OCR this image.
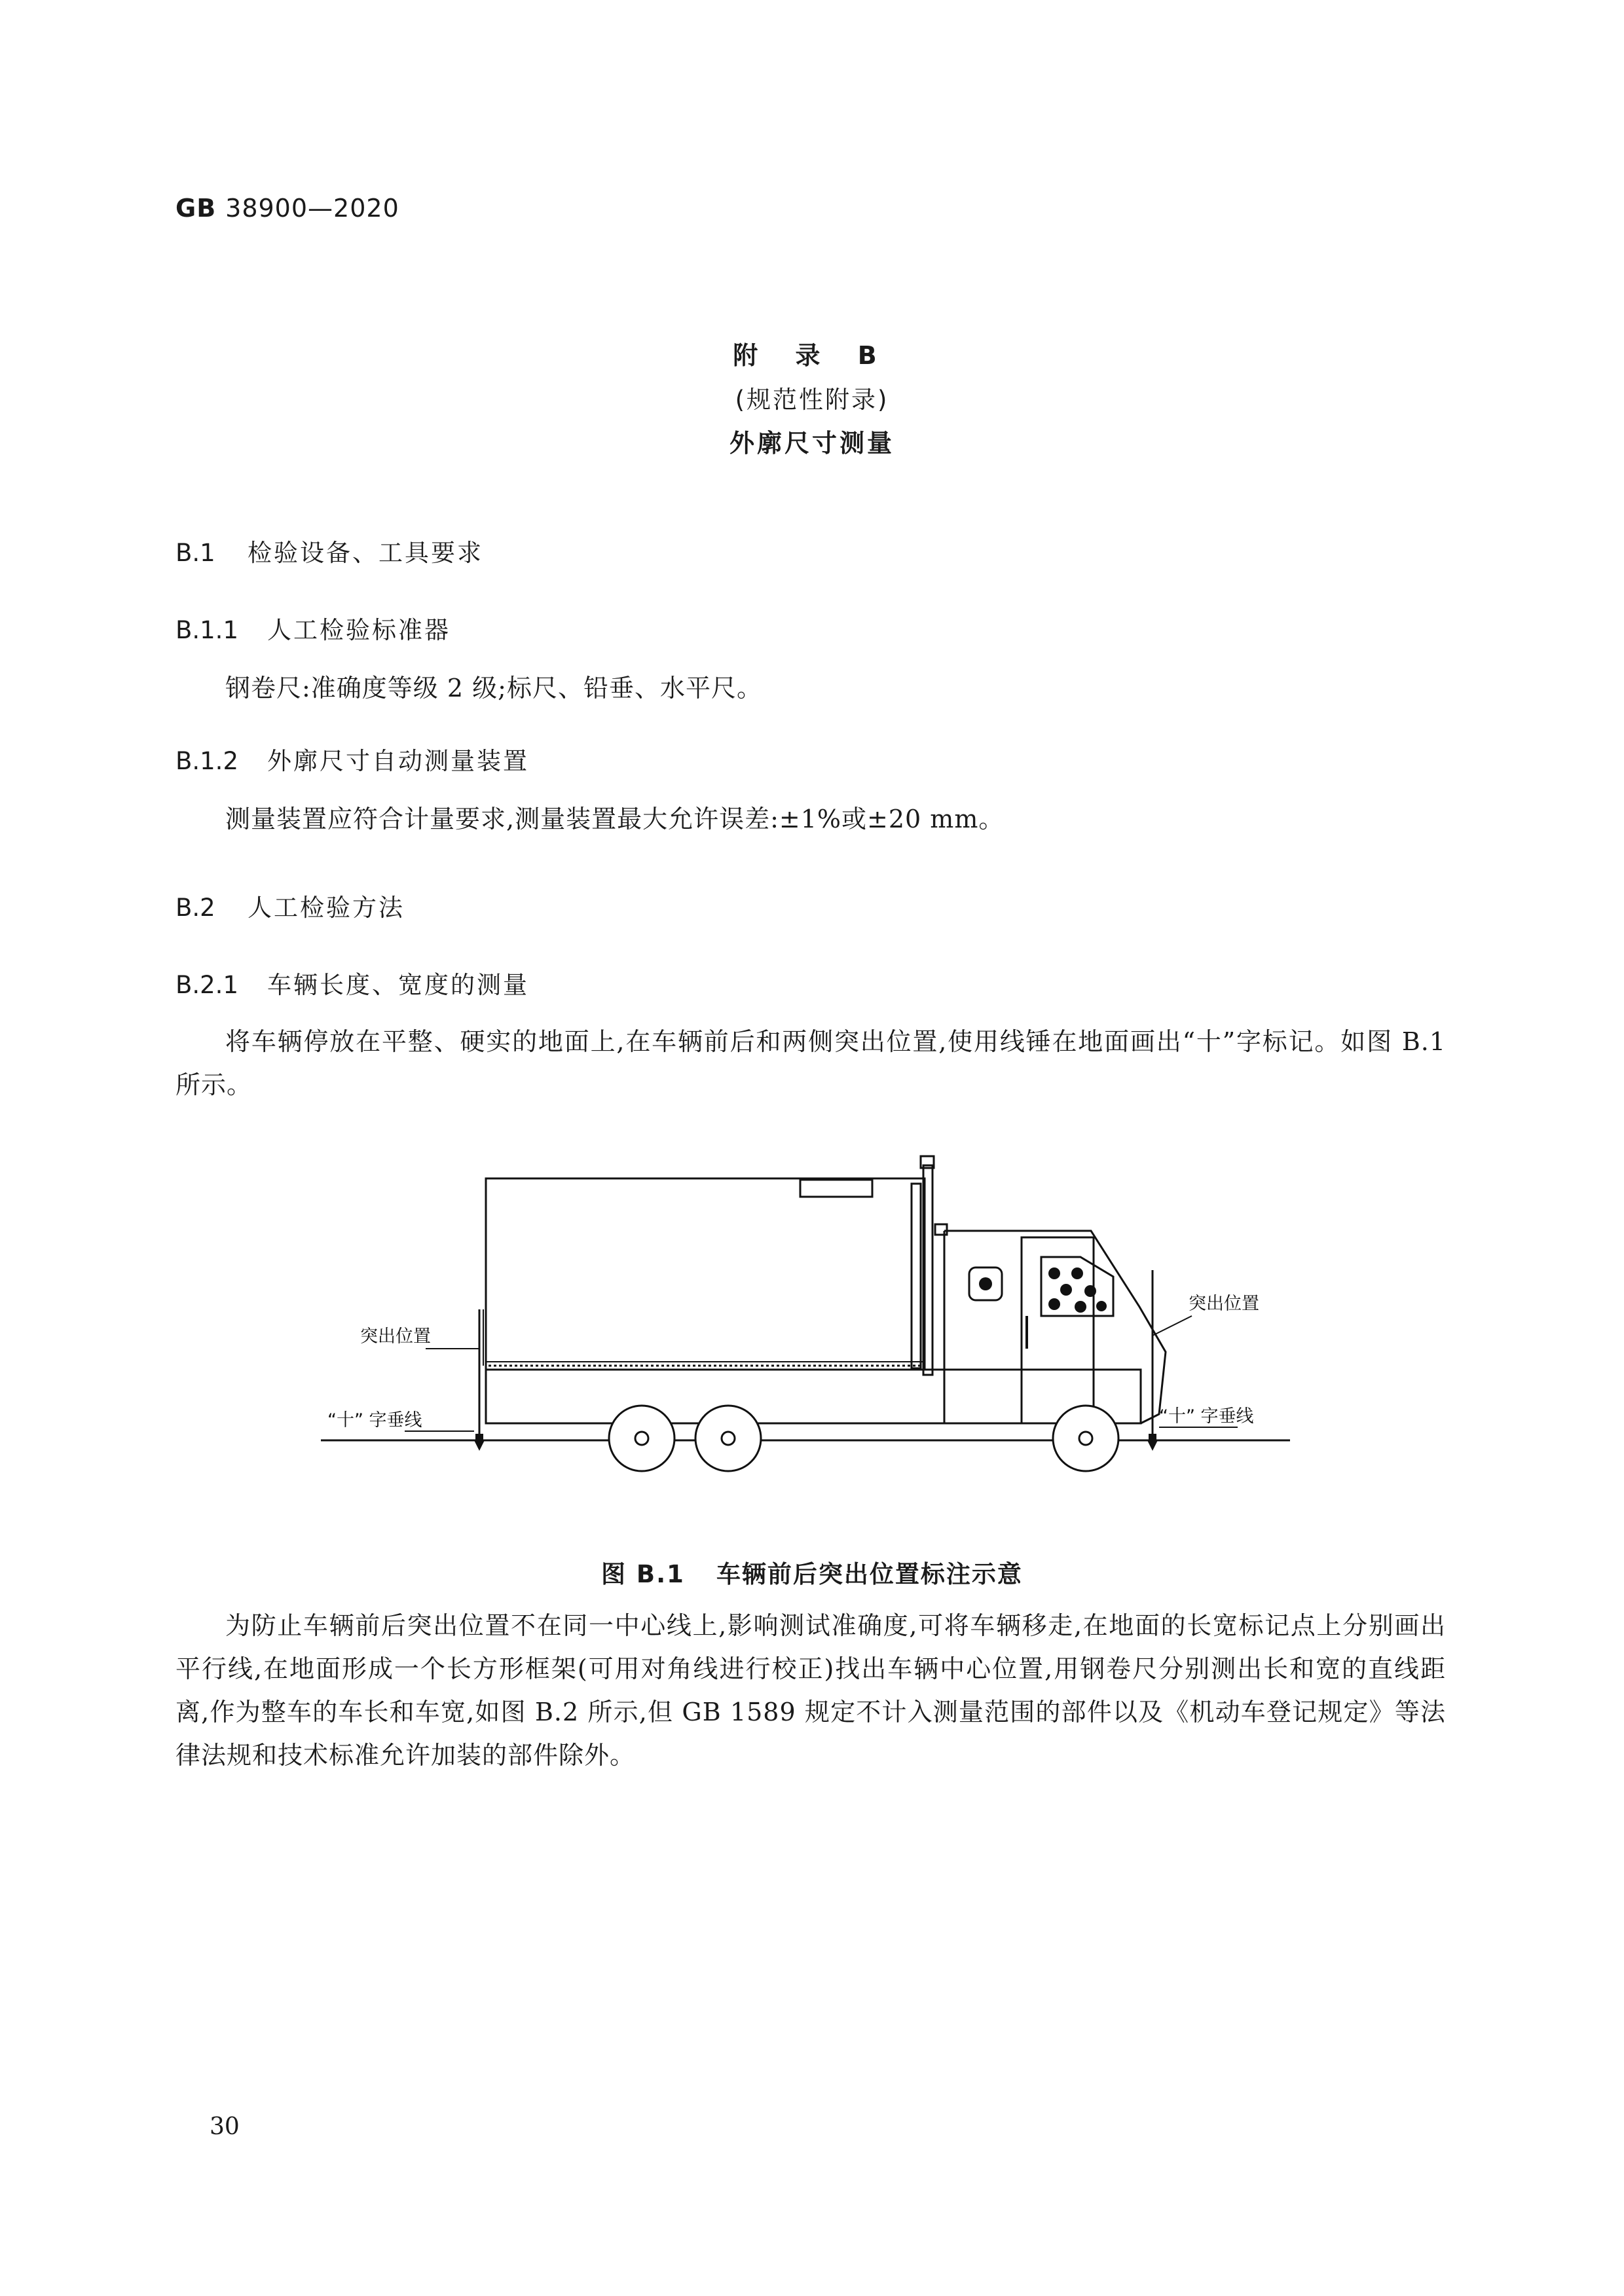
GB 38900—2020
附 录 B
(规范性附录)
外廓尺寸测量
B.1 检验设备、工具要求
B.1.1 人工检验标准器
钢卷尺:准确度等级 2 级;标尺、铅垂、水平尺。
B.1.2 外廓尺寸自动测量装置
测量装置应符合计量要求,测量装置最大允许误差:±1%或±20 mm。
B.2 人工检验方法
B.2.1 车辆长度、宽度的测量
将车辆停放在平整、硬实的地面上,在车辆前后和两侧突出位置,使用线锤在地面画出“十”字标记。如图 B.1 所示。
突出位置
突出位置
“十” 字垂线	“十” 字垂线
图 B.1 车辆前后突出位置标注示意
为防止车辆前后突出位置不在同一中心线上,影响测试准确度,可将车辆移走,在地面的长宽标记点上分别画出平行线,在地面形成一个长方形框架(可用对角线进行校正)找出车辆中心位置,用钢卷尺分别测出长和宽的直线距离,作为整车的车长和车宽,如图 B.2 所示,但 GB 1589 规定不计入测量范围的部件以及《机动车登记规定》等法律法规和技术标准允许加装的部件除外。
30
